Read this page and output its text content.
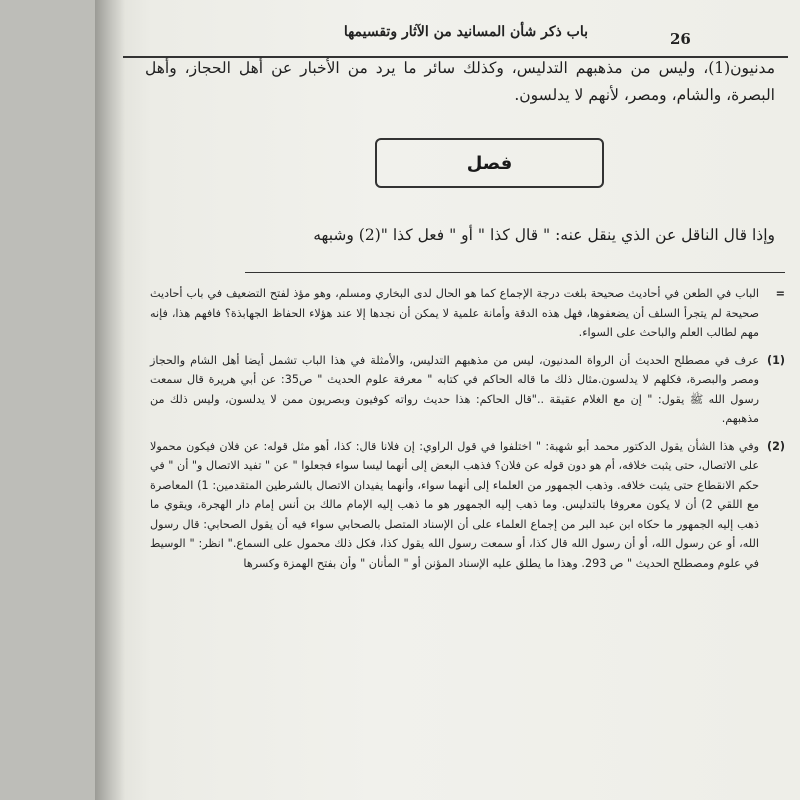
باب ذكر شأن المسانيد من الآثار وتقسيمها	26

مدنيون(1)، وليس من مذهبهم التدليس، وكذلك سائر ما يرد من الأخبار عن أهل الحجاز، وأهل البصرة، والشام، ومصر، لأنهم لا يدلسون.

فصل
وإذا قال الناقل عن الذي ينقل عنه: " قال كذا " أو " فعل كذا "(2) وشبهه
=
الباب في الطعن في أحاديث صحيحة بلغت درجة الإجماع كما هو الحال لدى البخاري ومسلم، وهو مؤذ لفتح التضعيف في باب أحاديث صحيحة لم يتجرأ السلف أن يضعفوها، فهل هذه الدقة وأمانة علمية لا يمكن أن نجدها إلا عند هؤلاء الحفاظ الجهابذة؟ فافهم هذا، فإنه مهم لطالب العلم والباحث على السواء.
(1)
عرف في مصطلح الحديث أن الرواة المدنيون، ليس من مذهبهم التدليس، والأمثلة في هذا الباب تشمل أيضا أهل الشام والحجاز ومصر والبصرة، فكلهم لا يدلسون.مثال ذلك ما قاله الحاكم في كتابه " معرفة علوم الحديث " ص35: عن أبي هريرة قال سمعت رسول الله ﷺ يقول: " إن مع الغلام عقيقة .."قال الحاكم: هذا حديث رواته كوفيون وبصريون ممن لا يدلسون، وليس ذلك من مذهبهم.
(2)
وفي هذا الشأن يقول الدكتور محمد أبو شهبة: " اختلفوا في قول الراوي: إن فلانا قال: كذا، أهو مثل قوله: عن فلان فيكون محمولا على الاتصال، حتى يثبت خلافه، أم هو دون قوله عن فلان؟ فذهب البعض إلى أنهما ليسا سواء فجعلوا " عن " تفيد الاتصال و" أن " في حكم الانقطاع حتى يثبت خلافه. وذهب الجمهور من العلماء إلى أنهما سواء، وأنهما يفيدان الاتصال بالشرطين المتقدمين: 1) المعاصرة مع اللقي 2) أن لا يكون معروفا بالتدليس. وما ذهب إليه الجمهور هو ما ذهب إليه الإمام مالك بن أنس إمام دار الهجرة، ويقوي ما ذهب إليه الجمهور ما حكاه ابن عبد البر من إجماع العلماء على أن الإسناد المتصل بالصحابي سواء فيه أن يقول الصحابي: قال رسول الله، أو عن رسول الله، أو أن رسول الله قال كذا، أو سمعت رسول الله يقول كذا، فكل ذلك محمول على السماع." انظر: " الوسيط في علوم ومصطلح الحديث " ص 293. وهذا ما يطلق عليه الإسناد المؤنن أو " المأنان " وأن بفتح الهمزة وكسرها
